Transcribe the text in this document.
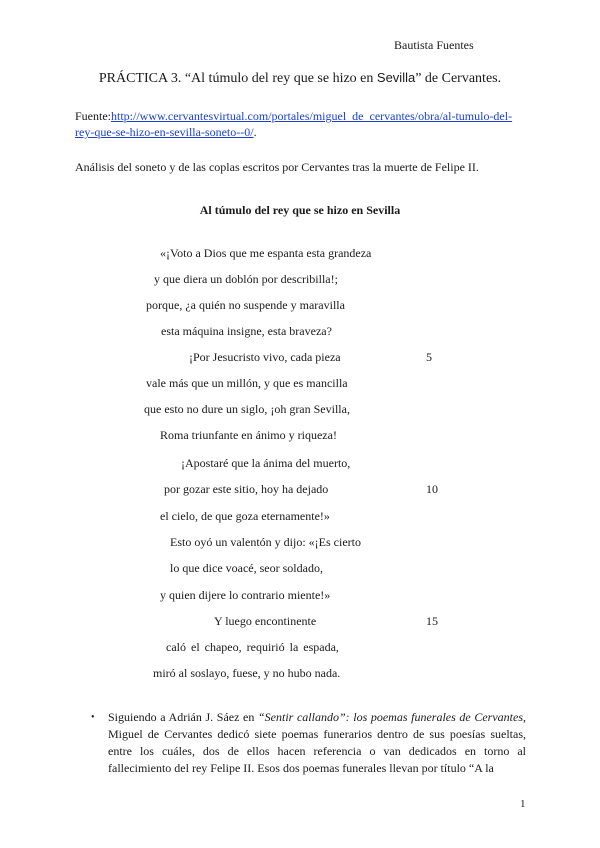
Bautista Fuentes
PRÁCTICA 3. “Al túmulo del rey que se hizo en Sevilla” de Cervantes.
Fuente:http://www.cervantesvirtual.com/portales/miguel_de_cervantes/obra/al-tumulo-del-rey-que-se-hizo-en-sevilla-soneto--0/.
Análisis del soneto y de las coplas escritos por Cervantes tras la muerte de Felipe II.
Al túmulo del rey que se hizo en Sevilla
«¡Voto a Dios que me espanta esta grandeza
y que diera un doblón por describilla!;
porque, ¿a quién no suspende y maravilla
esta máquina insigne, esta braveza?
¡Por Jesucristo vivo, cada pieza
vale más que un millón, y que es mancilla
que esto no dure un siglo, ¡oh gran Sevilla,
Roma triunfante en ánimo y riqueza!
¡Apostaré que la ánima del muerto,
por gozar este sitio, hoy ha dejado
el cielo, de que goza eternamente!»
Esto oyó un valentón y dijo: «¡Es cierto
lo que dice voacé, seor soldado,
y quien dijere lo contrario miente!»
Y luego encontinente
caló el chapeo, requirió la espada,
miró al soslayo, fuese, y no hubo nada.
5
10
15
• Siguiendo a Adrián J. Sáez en “Sentir callando”: los poemas funerales de Cervantes, Miguel de Cervantes dedicó siete poemas funerarios dentro de sus poesías sueltas, entre los cuáles, dos de ellos hacen referencia o van dedicados en torno al fallecimiento del rey Felipe II. Esos dos poemas funerales llevan por título “A la
1
